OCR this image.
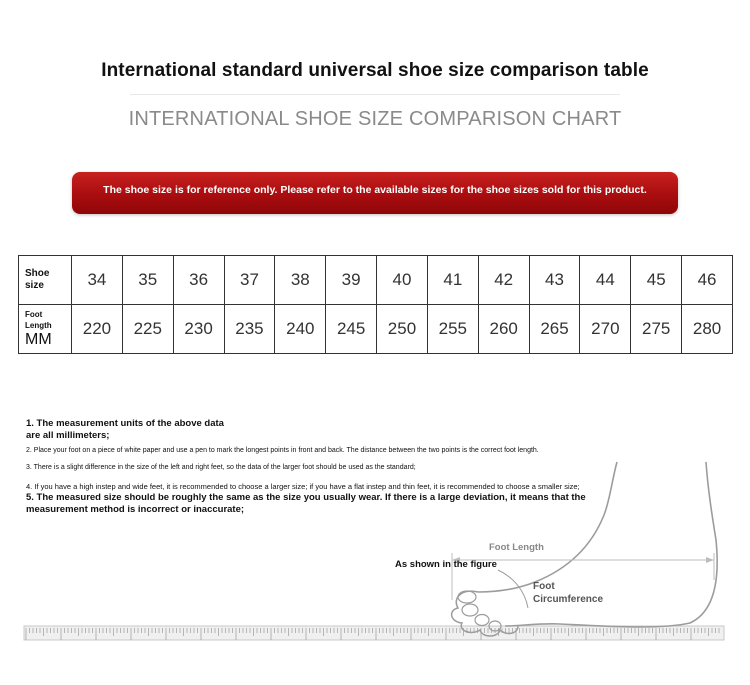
International standard universal shoe size comparison table
INTERNATIONAL SHOE SIZE COMPARISON CHART
The shoe size is for reference only. Please refer to the available sizes for the shoe sizes sold for this product.
Shoe size	34	35	36	37	38	39	40	41	42	43	44	45	46
Foot Length
MM	220	225	230	235	240	245	250	255	260	265	270	275	280
1. The measurement units of the above data are all millimeters;
2. Place your foot on a piece of white paper and use a pen to mark the longest points in front and back. The distance between the two points is the correct foot length.
3. There is a slight difference in the size of the left and right feet, so the data of the larger foot should be used as the standard;
4. If you have a high instep and wide feet, it is recommended to choose a larger size; if you have a flat instep and thin feet, it is recommended to choose a smaller size;
5. The measured size should be roughly the same as the size you usually wear. If there is a large deviation, it means that the measurement method is incorrect or inaccurate;
As shown in the figure
Foot Length
Foot Circumference
